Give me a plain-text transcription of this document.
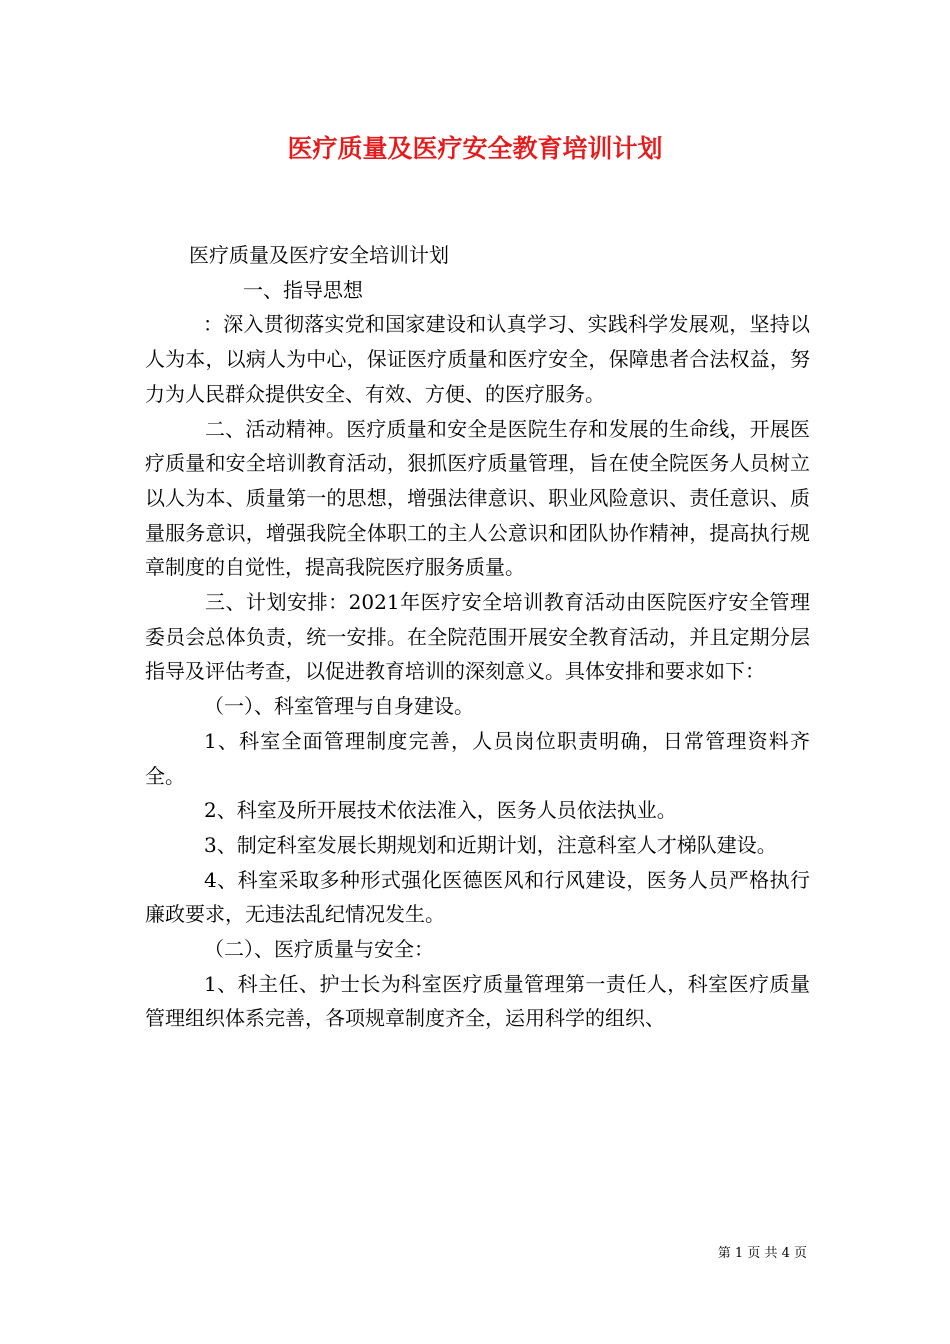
医疗质量及医疗安全教育培训计划

医疗质量及医疗安全培训计划

一、指导思想

：深入贯彻落实党和国家建设和认真学习、实践科学发展观，坚持以人为本，以病人为中心，保证医疗质量和医疗安全，保障患者合法权益，努力为人民群众提供安全、有效、方便、的医疗服务。

二、活动精神。医疗质量和安全是医院生存和发展的生命线，开展医疗质量和安全培训教育活动，狠抓医疗质量管理，旨在使全院医务人员树立以人为本、质量第一的思想，增强法律意识、职业风险意识、责任意识、质量服务意识，增强我院全体职工的主人公意识和团队协作精神，提高执行规章制度的自觉性，提高我院医疗服务质量。

三、计划安排：2021年医疗安全培训教育活动由医院医疗安全管理委员会总体负责，统一安排。在全院范围开展安全教育活动，并且定期分层指导及评估考查，以促进教育培训的深刻意义。具体安排和要求如下：

（一）、科室管理与自身建设。

1、科室全面管理制度完善，人员岗位职责明确，日常管理资料齐全。

2、科室及所开展技术依法准入，医务人员依法执业。

3、制定科室发展长期规划和近期计划，注意科室人才梯队建设。

4、科室采取多种形式强化医德医风和行风建设，医务人员严格执行廉政要求，无违法乱纪情况发生。

（二）、医疗质量与安全：

1、科主任、护士长为科室医疗质量管理第一责任人，科室医疗质量管理组织体系完善，各项规章制度齐全，运用科学的组织、

第 1 页 共 4 页
